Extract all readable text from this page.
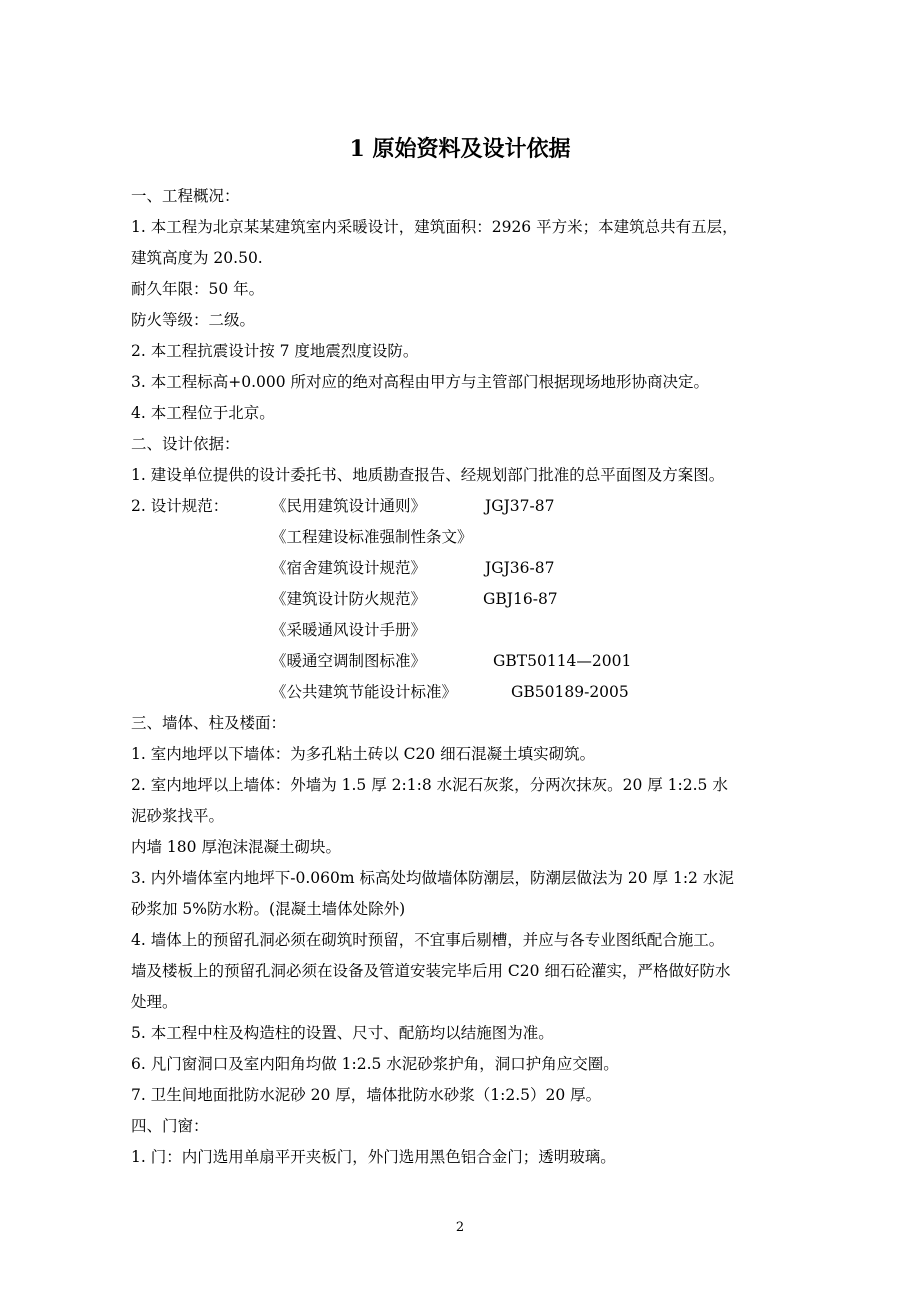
1 原始资料及设计依据
一、工程概况：
1. 本工程为北京某某建筑室内采暖设计，建筑面积：2926 平方米；本建筑总共有五层，
建筑高度为 20.50.
耐久年限：50 年。
防火等级：二级。
2. 本工程抗震设计按 7 度地震烈度设防。
3. 本工程标高+0.000 所对应的绝对高程由甲方与主管部门根据现场地形协商决定。
4. 本工程位于北京。
二、设计依据：
1. 建设单位提供的设计委托书、地质勘查报告、经规划部门批准的总平面图及方案图。
2. 设计规范：	《民用建筑设计通则》	JGJ37-87
《工程建设标准强制性条文》
《宿舍建筑设计规范》	JGJ36-87
《建筑设计防火规范》	GBJ16-87
《采暖通风设计手册》
《暖通空调制图标准》	GBT50114—2001
《公共建筑节能设计标准》	GB50189-2005
三、墙体、柱及楼面：
1. 室内地坪以下墙体：为多孔粘土砖以 C20 细石混凝土填实砌筑。
2. 室内地坪以上墙体：外墙为 1.5 厚 2:1:8 水泥石灰浆，分两次抹灰。20 厚 1:2.5 水
泥砂浆找平。
内墙 180 厚泡沫混凝土砌块。
3. 内外墙体室内地坪下-0.060m 标高处均做墙体防潮层，防潮层做法为 20 厚 1:2 水泥
砂浆加 5%防水粉。(混凝土墙体处除外)
4. 墙体上的预留孔洞必须在砌筑时预留，不宜事后剔槽，并应与各专业图纸配合施工。
墙及楼板上的预留孔洞必须在设备及管道安装完毕后用 C20 细石砼灌实，严格做好防水
处理。
5. 本工程中柱及构造柱的设置、尺寸、配筋均以结施图为准。
6. 凡门窗洞口及室内阳角均做 1:2.5 水泥砂浆护角，洞口护角应交圈。
7. 卫生间地面批防水泥砂 20 厚，墙体批防水砂浆（1:2.5）20 厚。
四、门窗：
1. 门：内门选用单扇平开夹板门，外门选用黑色铝合金门；透明玻璃。
2
